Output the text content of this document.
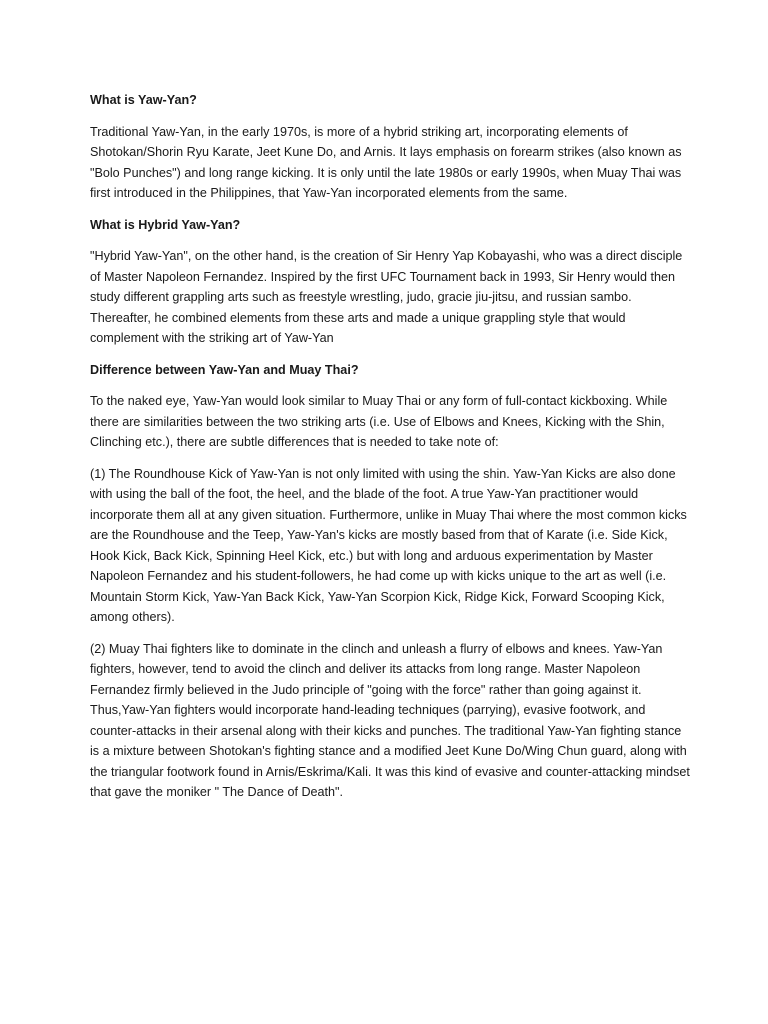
What is Yaw-Yan?

Traditional Yaw-Yan, in the early 1970s, is more of a hybrid striking art, incorporating elements of Shotokan/Shorin Ryu Karate, Jeet Kune Do, and Arnis. It lays emphasis on forearm strikes (also known as "Bolo Punches") and long range kicking. It is only until the late 1980s or early 1990s, when Muay Thai was first introduced in the Philippines, that Yaw-Yan incorporated elements from the same.

What is Hybrid Yaw-Yan?

"Hybrid Yaw-Yan", on the other hand, is the creation of Sir Henry Yap Kobayashi, who was a direct disciple of Master Napoleon Fernandez. Inspired by the first UFC Tournament back in 1993, Sir Henry would then study different grappling arts such as freestyle wrestling, judo, gracie jiu-jitsu, and russian sambo. Thereafter, he combined elements from these arts and made a unique grappling style that would complement with the striking art of Yaw-Yan

Difference between Yaw-Yan and Muay Thai?

To the naked eye, Yaw-Yan would look similar to Muay Thai or any form of full-contact kickboxing. While there are similarities between the two striking arts (i.e. Use of Elbows and Knees, Kicking with the Shin, Clinching etc.), there are subtle differences that is needed to take note of:

(1) The Roundhouse Kick of Yaw-Yan is not only limited with using the shin. Yaw-Yan Kicks are also done with using the ball of the foot, the heel, and the blade of the foot. A true Yaw-Yan practitioner would incorporate them all at any given situation. Furthermore, unlike in Muay Thai where the most common kicks are the Roundhouse and the Teep, Yaw-Yan's kicks are mostly based from that of Karate (i.e. Side Kick, Hook Kick, Back Kick, Spinning Heel Kick, etc.) but with long and arduous experimentation by Master Napoleon Fernandez and his student-followers, he had come up with kicks unique to the art as well (i.e. Mountain Storm Kick, Yaw-Yan Back Kick, Yaw-Yan Scorpion Kick, Ridge Kick, Forward Scooping Kick, among others).

(2) Muay Thai fighters like to dominate in the clinch and unleash a flurry of elbows and knees. Yaw-Yan fighters, however, tend to avoid the clinch and deliver its attacks from long range. Master Napoleon Fernandez firmly believed in the Judo principle of "going with the force" rather than going against it. Thus,Yaw-Yan fighters would incorporate hand-leading techniques (parrying), evasive footwork, and counter-attacks in their arsenal along with their kicks and punches. The traditional Yaw-Yan fighting stance is a mixture between Shotokan's fighting stance and a modified Jeet Kune Do/Wing Chun guard, along with the triangular footwork found in Arnis/Eskrima/Kali. It was this kind of evasive and counter-attacking mindset that gave the moniker " The Dance of Death".
